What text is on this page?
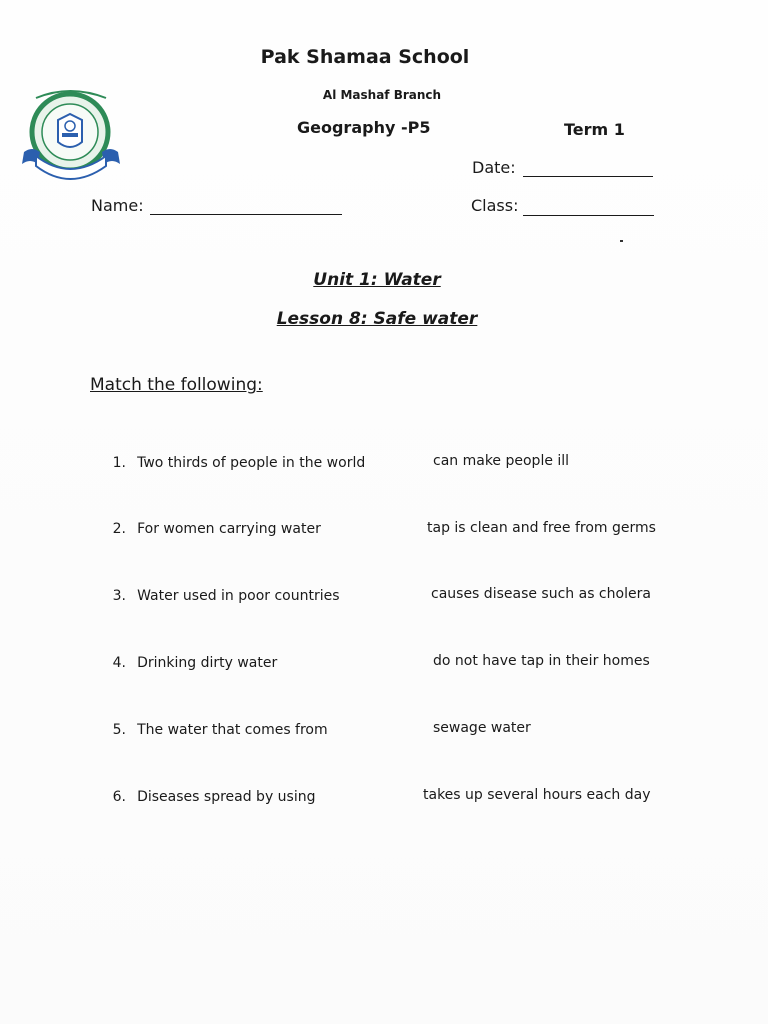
Pak Shamaa School
Al Mashaf Branch
Geography -P5	Term 1
Date:
Name:	Class:
Unit 1: Water
Lesson 8: Safe water
Match the following:
1. Two thirds of people in the world
2. For women carrying water
3. Water used in poor countries
4. Drinking dirty water
5. The water that comes from
6. Diseases spread by using
can make people ill
tap is clean and free from germs
causes disease such as cholera
do not have tap in their homes
sewage water
takes up several hours each day
